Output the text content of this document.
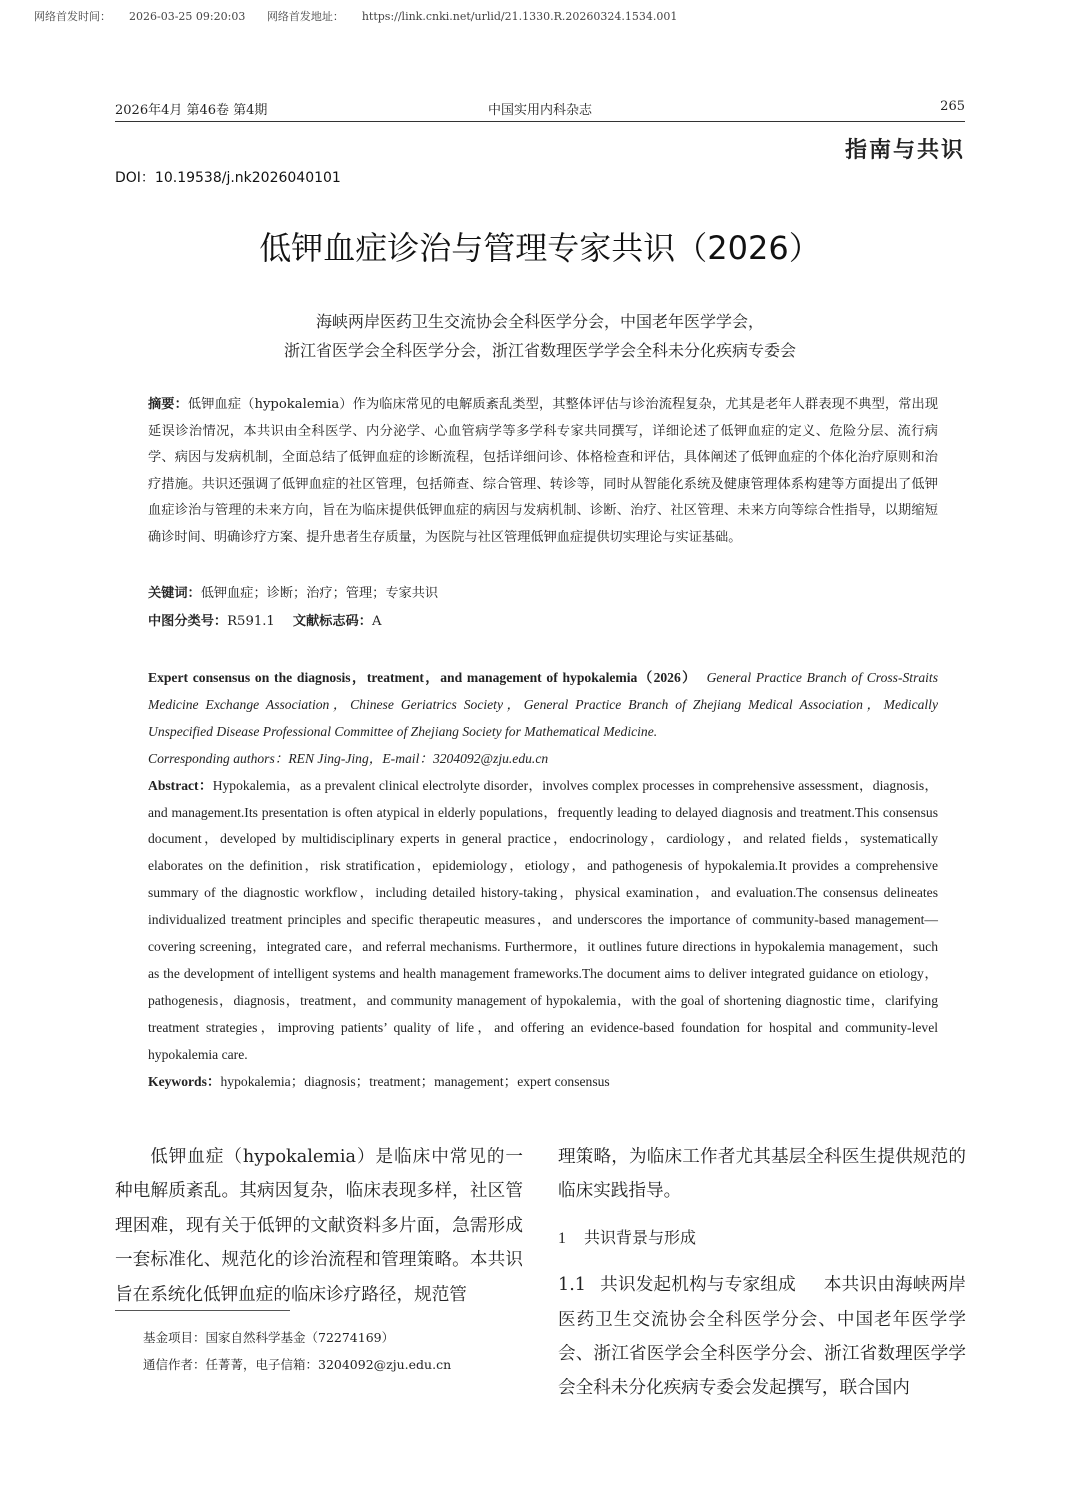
网络首发时间： 2026-03-25 09:20:03 网络首发地址： https://link.cnki.net/urlid/21.1330.R.20260324.1534.001
2026年4月 第46卷 第4期	中国实用内科杂志	265
指南与共识
DOI：10.19538/j.nk2026040101
低钾血症诊治与管理专家共识（2026）
海峡两岸医药卫生交流协会全科医学分会，中国老年医学学会，
浙江省医学会全科医学分会，浙江省数理医学学会全科未分化疾病专委会
摘要：低钾血症（hypokalemia）作为临床常见的电解质紊乱类型，其整体评估与诊治流程复杂，尤其是老年人群表现不典型，常出现延误诊治情况，本共识由全科医学、内分泌学、心血管病学等多学科专家共同撰写，详细论述了低钾血症的定义、危险分层、流行病学、病因与发病机制，全面总结了低钾血症的诊断流程，包括详细问诊、体格检查和评估，具体阐述了低钾血症的个体化治疗原则和治疗措施。共识还强调了低钾血症的社区管理，包括筛查、综合管理、转诊等，同时从智能化系统及健康管理体系构建等方面提出了低钾血症诊治与管理的未来方向，旨在为临床提供低钾血症的病因与发病机制、诊断、治疗、社区管理、未来方向等综合性指导，以期缩短确诊时间、明确诊疗方案、提升患者生存质量，为医院与社区管理低钾血症提供切实理论与实证基础。
关键词：低钾血症；诊断；治疗；管理；专家共识
中图分类号：R591.1 文献标志码：A

Expert consensus on the diagnosis，treatment，and management of hypokalemia（2026） General Practice Branch of Cross-Straits Medicine Exchange Association，Chinese Geriatrics Society，General Practice Branch of Zhejiang Medical Association，Medically Unspecified Disease Professional Committee of Zhejiang Society for Mathematical Medicine.

Corresponding authors：REN Jing-Jing，E-mail：3204092@zju.edu.cn

Abstract：Hypokalemia，as a prevalent clinical electrolyte disorder，involves complex processes in comprehensive assessment，diagnosis，and management.Its presentation is often atypical in elderly populations，frequently leading to delayed diagnosis and treatment.This consensus document，developed by multidisciplinary experts in general practice，endocrinology，cardiology，and related fields，systematically elaborates on the definition，risk stratification，epidemiology，etiology，and pathogenesis of hypokalemia.It provides a comprehensive summary of the diagnostic workflow，including detailed history-taking，physical examination，and evaluation.The consensus delineates individualized treatment principles and specific therapeutic measures，and underscores the importance of community-based management—covering screening，integrated care，and referral mechanisms. Furthermore，it outlines future directions in hypokalemia management，such as the development of intelligent systems and health management frameworks.The document aims to deliver integrated guidance on etiology，pathogenesis，diagnosis，treatment，and community management of hypokalemia，with the goal of shortening diagnostic time，clarifying treatment strategies，improving patients’ quality of life，and offering an evidence-based foundation for hospital and community-level hypokalemia care.

Keywords：hypokalemia；diagnosis；treatment；management；expert consensus

低钾血症（hypokalemia）是临床中常见的一种电解质紊乱。其病因复杂，临床表现多样，社区管理困难，现有关于低钾的文献资料多片面，急需形成一套标准化、规范化的诊治流程和管理策略。本共识旨在系统化低钾血症的临床诊疗路径，规范管

理策略，为临床工作者尤其基层全科医生提供规范的临床实践指导。

1 共识背景与形成

1.1 共识发起机构与专家组成 本共识由海峡两岸医药卫生交流协会全科医学分会、中国老年医学学会、浙江省医学会全科医学分会、浙江省数理医学学会全科未分化疾病专委会发起撰写，联合国内

基金项目：国家自然科学基金（72274169）
通信作者：任菁菁，电子信箱：3204092@zju.edu.cn
